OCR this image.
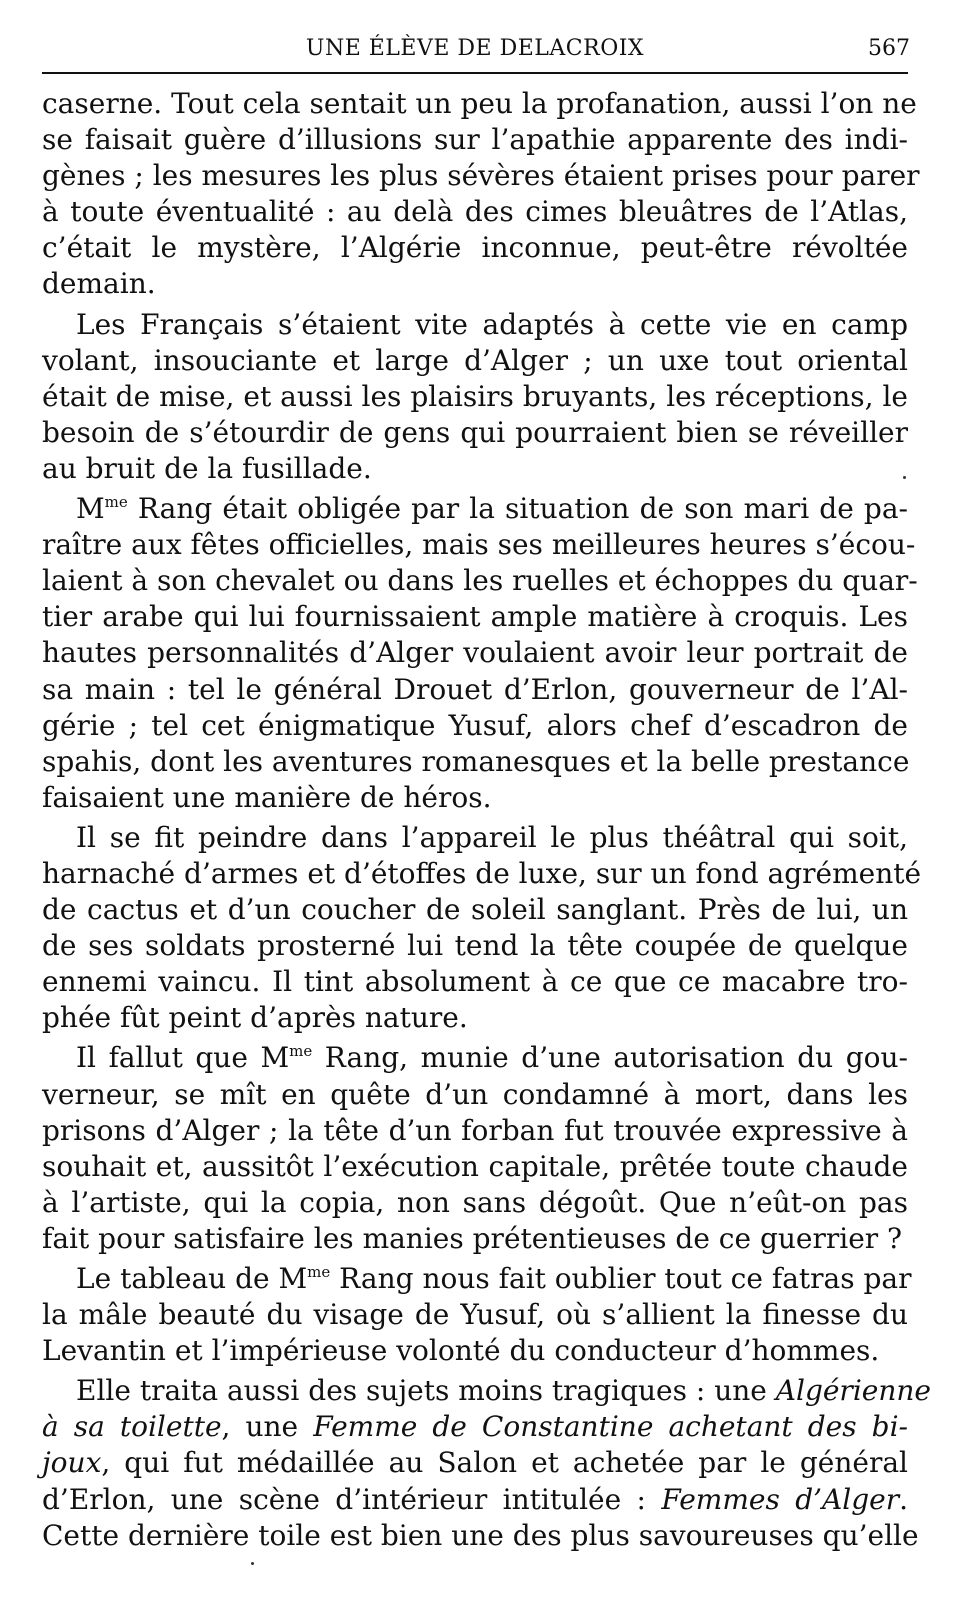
UNE ÉLÈVE DE DELACROIX	567
caserne. Tout cela sentait un peu la profanation, aussi l’on ne
se faisait guère d’illusions sur l’apathie apparente des indi-
gènes ; les mesures les plus sévères étaient prises pour parer
à toute éventualité : au delà des cimes bleuâtres de l’Atlas,
c’était le mystère, l’Algérie inconnue, peut-être révoltée
demain.
Les Français s’étaient vite adaptés à cette vie en camp
volant, insouciante et large d’Alger ; un uxe tout oriental
était de mise, et aussi les plaisirs bruyants, les réceptions, le
besoin de s’étourdir de gens qui pourraient bien se réveiller
au bruit de la fusillade.
$M^{me}$ Rang était obligée par la situation de son mari de pa-
raître aux fêtes officielles, mais ses meilleures heures s’écou-
laient à son chevalet ou dans les ruelles et échoppes du quar-
tier arabe qui lui fournissaient ample matière à croquis. Les
hautes personnalités d’Alger voulaient avoir leur portrait de
sa main : tel le général Drouet d’Erlon, gouverneur de l’Al-
gérie ; tel cet énigmatique Yusuf, alors chef d’escadron de
spahis, dont les aventures romanesques et la belle prestance
faisaient une manière de héros.
Il se fit peindre dans l’appareil le plus théâtral qui soit,
harnaché d’armes et d’étoffes de luxe, sur un fond agrémenté
de cactus et d’un coucher de soleil sanglant. Près de lui, un
de ses soldats prosterné lui tend la tête coupée de quelque
ennemi vaincu. Il tint absolument à ce que ce macabre tro-
phée fût peint d’après nature.
Il fallut que $M^{me}$ Rang, munie d’une autorisation du gou-
verneur, se mît en quête d’un condamné à mort, dans les
prisons d’Alger ; la tête d’un forban fut trouvée expressive à
souhait et, aussitôt l’exécution capitale, prêtée toute chaude
à l’artiste, qui la copia, non sans dégoût. Que n’eût-on pas
fait pour satisfaire les manies prétentieuses de ce guerrier ?
Le tableau de $M^{me}$ Rang nous fait oublier tout ce fatras par
la mâle beauté du visage de Yusuf, où s’allient la finesse du
Levantin et l’impérieuse volonté du conducteur d’hommes.
Elle traita aussi des sujets moins tragiques : une Algérienne
à sa toilette, une Femme de Constantine achetant des bi-
joux, qui fut médaillée au Salon et achetée par le général
d’Erlon, une scène d’intérieur intitulée : Femmes d’Alger.
Cette dernière toile est bien une des plus savoureuses qu’elle
